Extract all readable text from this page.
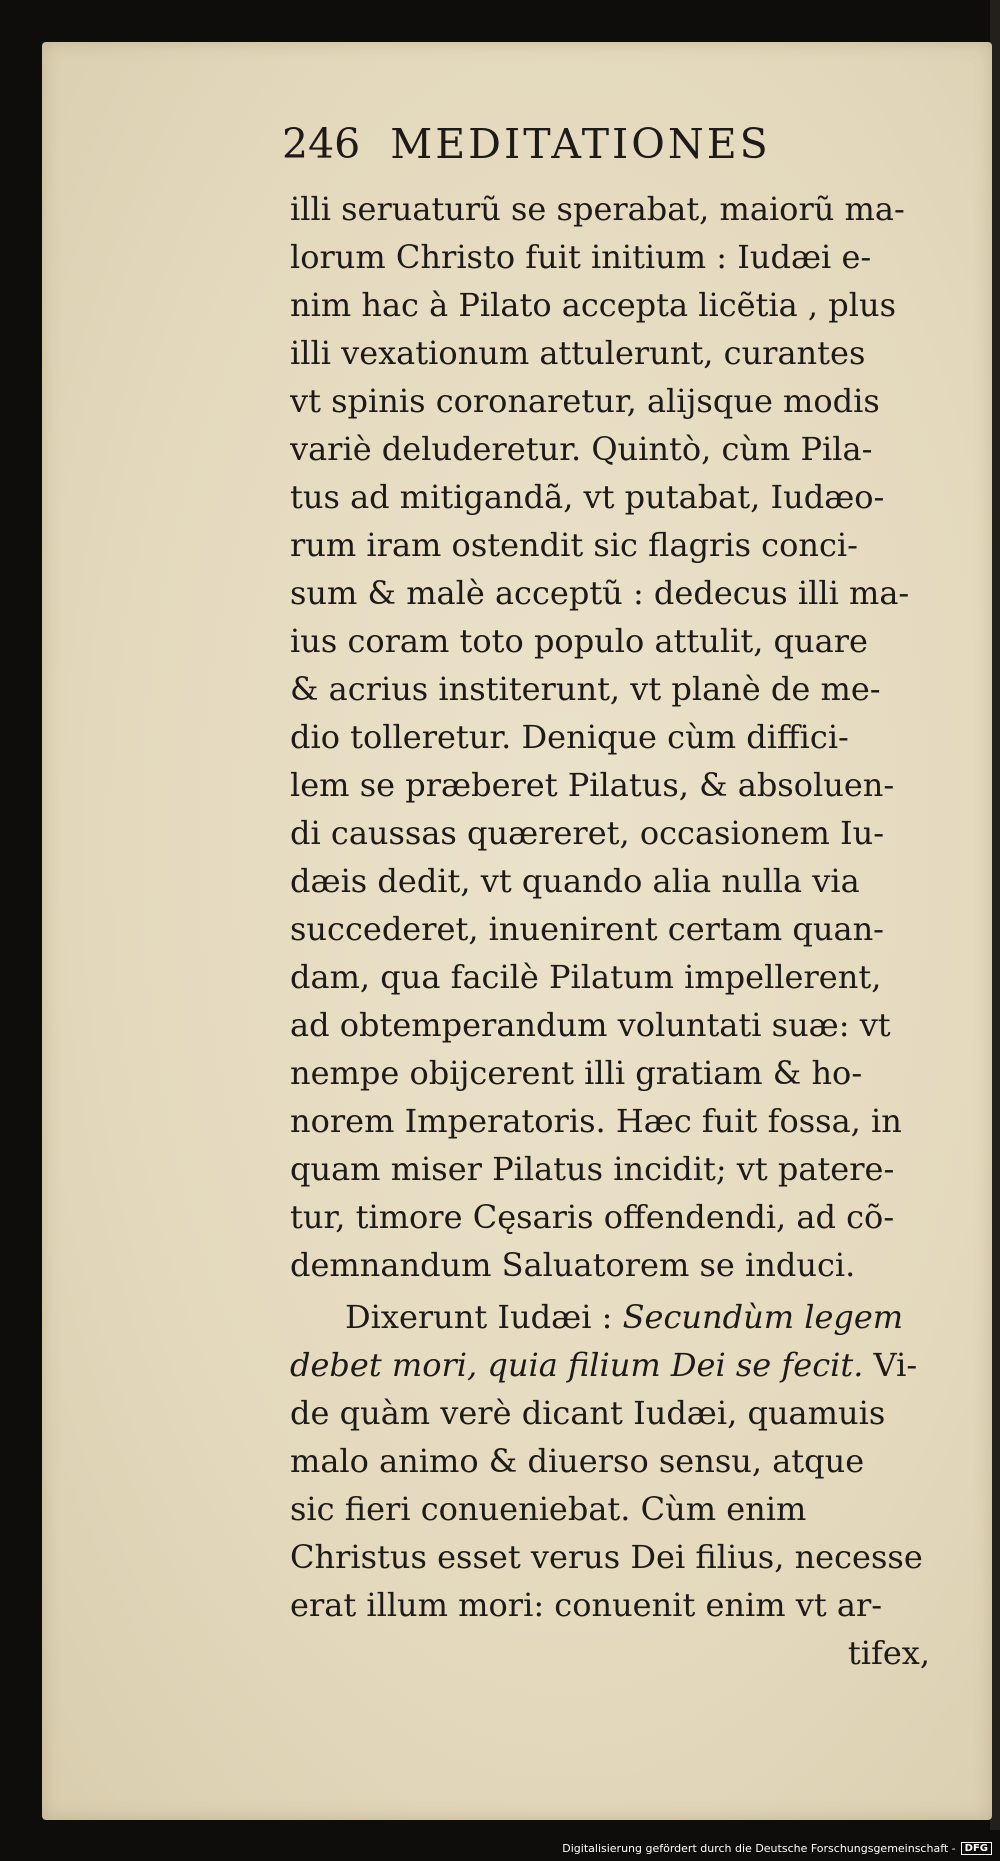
246 MEDITATIONES
illi seruaturũ se sperabat, maiorũ ma-
lorum Christo fuit initium : Iudæi e-
nim hac à Pilato accepta licẽtia , plus
illi vexationum attulerunt, curantes
vt spinis coronaretur, alijsque modis
variè deluderetur. Quintò, cùm Pila-
tus ad mitigandã, vt putabat, Iudæo-
rum iram ostendit sic flagris conci-
sum & malè acceptũ : dedecus illi ma-
ius coram toto populo attulit, quare
& acrius institerunt, vt planè de me-
dio tolleretur. Denique cùm diffici-
lem se præberet Pilatus, & absoluen-
di caussas quæreret, occasionem Iu-
dæis dedit, vt quando alia nulla via
succederet, inuenirent certam quan-
dam, qua facilè Pilatum impellerent,
ad obtemperandum voluntati suæ: vt
nempe obijcerent illi gratiam & ho-
norem Imperatoris. Hæc fuit fossa, in
quam miser Pilatus incidit; vt patere-
tur, timore Cęsaris offendendi, ad cõ-
demnandum Saluatorem se induci.
Dixerunt Iudæi : Secundùm legem
debet mori, quia filium Dei se fecit. Vi-
de quàm verè dicant Iudæi, quamuis
malo animo & diuerso sensu, atque
sic fieri conueniebat. Cùm enim
Christus esset verus Dei filius, necesse
erat illum mori: conuenit enim vt ar-
tifex,
Digitalisierung gefördert durch die Deutsche Forschungsgemeinschaft - DFG
